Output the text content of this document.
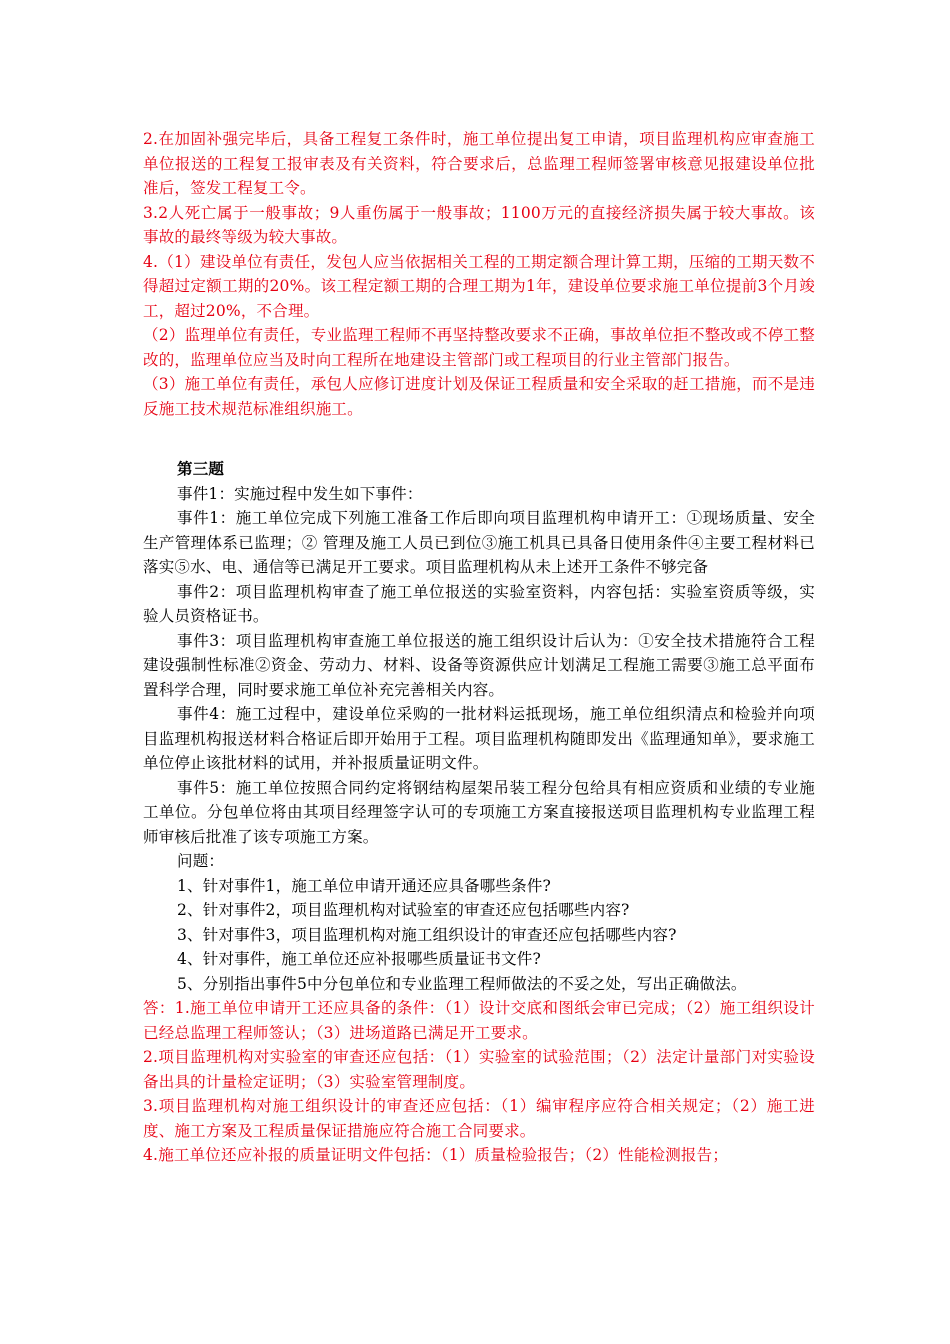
2.在加固补强完毕后，具备工程复工条件时，施工单位提出复工申请，项目监理机构应审查施工单位报送的工程复工报审表及有关资料，符合要求后，总监理工程师签署审核意见报建设单位批准后，签发工程复工令。

3.2人死亡属于一般事故；9人重伤属于一般事故；1100万元的直接经济损失属于较大事故。该事故的最终等级为较大事故。

4.（1）建设单位有责任，发包人应当依据相关工程的工期定额合理计算工期，压缩的工期天数不得超过定额工期的20%。该工程定额工期的合理工期为1年，建设单位要求施工单位提前3个月竣工，超过20%，不合理。

（2）监理单位有责任，专业监理工程师不再坚持整改要求不正确，事故单位拒不整改或不停工整改的，监理单位应当及时向工程所在地建设主管部门或工程项目的行业主管部门报告。

（3）施工单位有责任，承包人应修订进度计划及保证工程质量和安全采取的赶工措施，而不是违反施工技术规范标准组织施工。

第三题

事件1：实施过程中发生如下事件：

事件1：施工单位完成下列施工准备工作后即向项目监理机构申请开工：①现场质量、安全生产管理体系已监理；② 管理及施工人员已到位③施工机具已具备日使用条件④主要工程材料已落实⑤水、电、通信等已满足开工要求。项目监理机构从未上述开工条件不够完备

事件2：项目监理机构审查了施工单位报送的实验室资料，内容包括：实验室资质等级，实验人员资格证书。

事件3：项目监理机构审查施工单位报送的施工组织设计后认为：①安全技术措施符合工程建设强制性标准②资金、劳动力、材料、设备等资源供应计划满足工程施工需要③施工总平面布置科学合理，同时要求施工单位补充完善相关内容。

事件4：施工过程中，建设单位采购的一批材料运抵现场，施工单位组织清点和检验并向项目监理机构报送材料合格证后即开始用于工程。项目监理机构随即发出《监理通知单》，要求施工单位停止该批材料的试用，并补报质量证明文件。

事件5：施工单位按照合同约定将钢结构屋架吊装工程分包给具有相应资质和业绩的专业施工单位。分包单位将由其项目经理签字认可的专项施工方案直接报送项目监理机构专业监理工程师审核后批准了该专项施工方案。

问题：

1、针对事件1，施工单位申请开通还应具备哪些条件?

2、针对事件2，项目监理机构对试验室的审查还应包括哪些内容?

3、针对事件3，项目监理机构对施工组织设计的审查还应包括哪些内容?

4、针对事件，施工单位还应补报哪些质量证书文件?

5、分别指出事件5中分包单位和专业监理工程师做法的不妥之处，写出正确做法。

答：1.施工单位申请开工还应具备的条件：（1）设计交底和图纸会审已完成；（2）施工组织设计已经总监理工程师签认；（3）进场道路已满足开工要求。

2.项目监理机构对实验室的审查还应包括：（1）实验室的试验范围；（2）法定计量部门对实验设备出具的计量检定证明；（3）实验室管理制度。

3.项目监理机构对施工组织设计的审查还应包括：（1）编审程序应符合相关规定；（2）施工进度、施工方案及工程质量保证措施应符合施工合同要求。

4.施工单位还应补报的质量证明文件包括：（1）质量检验报告；（2）性能检测报告；
